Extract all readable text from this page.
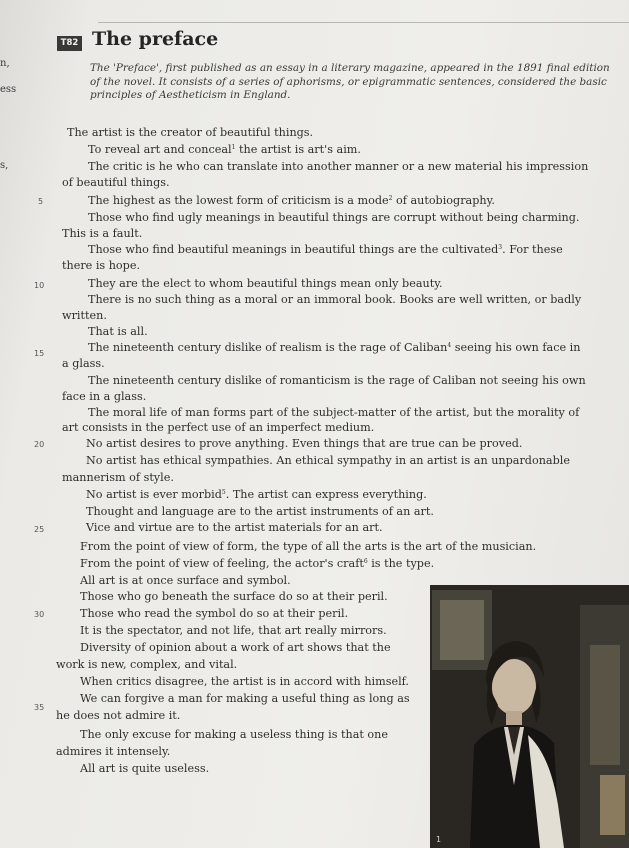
n,
ess
s,
T82 The preface
The 'Preface', first published as an essay in a literary magazine, appeared in the 1891 final edition of the novel. It consists of a series of aphorisms, or epigrammatic sentences, considered the basic principles of Aestheticism in England.
5
10
15
20
25
30
35
The artist is the creator of beautiful things.
To reveal art and conceal$^1$ the artist is art's aim.
The critic is he who can translate into another manner or a new material his impression
of beautiful things.
The highest as the lowest form of criticism is a mode$^2$ of autobiography.
Those who find ugly meanings in beautiful things are corrupt without being charming.
This is a fault.
Those who find beautiful meanings in beautiful things are the cultivated$^3$. For these
there is hope.
They are the elect to whom beautiful things mean only beauty.
There is no such thing as a moral or an immoral book. Books are well written, or badly
written.
That is all.
The nineteenth century dislike of realism is the rage of Caliban$^4$ seeing his own face in
a glass.
The nineteenth century dislike of romanticism is the rage of Caliban not seeing his own
face in a glass.
The moral life of man forms part of the subject-matter of the artist, but the morality of
art consists in the perfect use of an imperfect medium.
No artist desires to prove anything. Even things that are true can be proved.
No artist has ethical sympathies. An ethical sympathy in an artist is an unpardonable
mannerism of style.
No artist is ever morbid$^5$. The artist can express everything.
Thought and language are to the artist instruments of an art.
Vice and virtue are to the artist materials for an art.
From the point of view of form, the type of all the arts is the art of the musician.
From the point of view of feeling, the actor's craft$^6$ is the type.
All art is at once surface and symbol.
Those who go beneath the surface do so at their peril.
Those who read the symbol do so at their peril.
It is the spectator, and not life, that art really mirrors.
Diversity of opinion about a work of art shows that the
work is new, complex, and vital.
When critics disagree, the artist is in accord with himself.
We can forgive a man for making a useful thing as long as
he does not admire it.
The only excuse for making a useless thing is that one
admires it intensely.
All art is quite useless.
1
